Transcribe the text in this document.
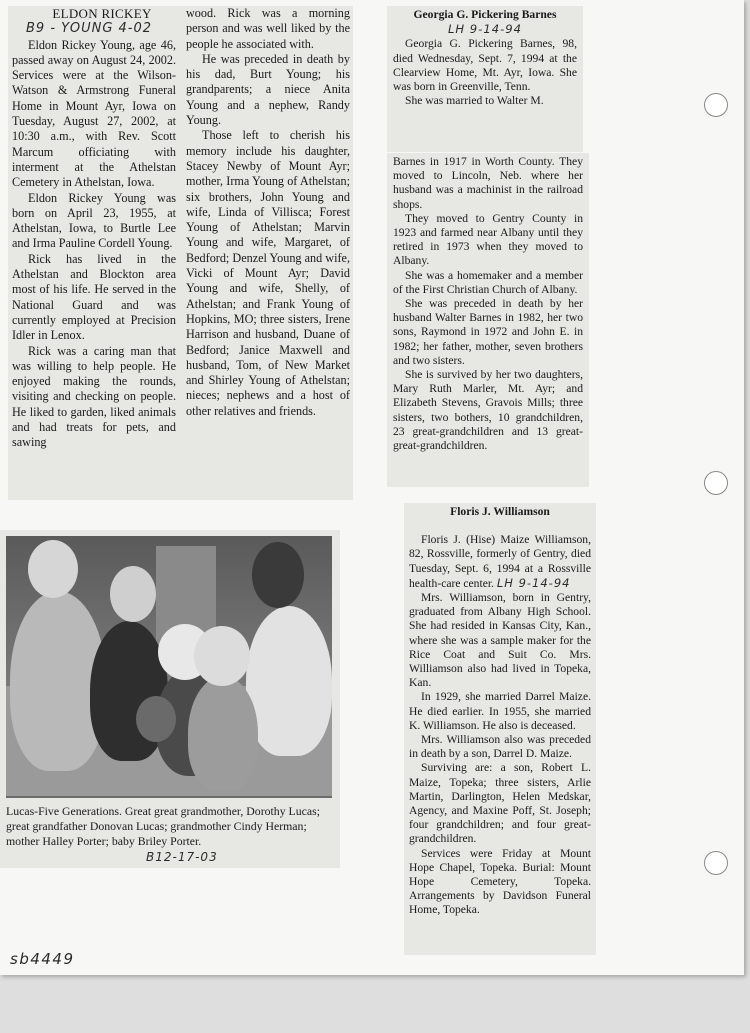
ELDON RICKEY

B9 - YOUNG 4-02

Eldon Rickey Young, age 46, passed away on August 24, 2002. Services were at the Wilson-Watson & Armstrong Funeral Home in Mount Ayr, Iowa on Tuesday, August 27, 2002, at 10:30 a.m., with Rev. Scott Marcum officiating with interment at the Athelstan Cemetery in Athelstan, Iowa.

Eldon Rickey Young was born on April 23, 1955, at Athelstan, Iowa, to Burtle Lee and Irma Pauline Cordell Young.

Rick has lived in the Athelstan and Blockton area most of his life. He served in the National Guard and was currently employed at Precision Idler in Lenox.

Rick was a caring man that was willing to help people. He enjoyed making the rounds, visiting and checking on people. He liked to garden, liked animals and had treats for pets, and sawing

wood. Rick was a morning person and was well liked by the people he associated with.

He was preceded in death by his dad, Burt Young; his grandparents; a niece Anita Young and a nephew, Randy Young.

Those left to cherish his memory include his daughter, Stacey Newby of Mount Ayr; mother, Irma Young of Athelstan; six brothers, John Young and wife, Linda of Villisca; Forest Young of Athelstan; Marvin Young and wife, Margaret, of Bedford; Denzel Young and wife, Vicki of Mount Ayr; David Young and wife, Shelly, of Athelstan; and Frank Young of Hopkins, MO; three sisters, Irene Harrison and husband, Duane of Bedford; Janice Maxwell and husband, Tom, of New Market and Shirley Young of Athelstan; nieces; nephews and a host of other relatives and friends.

Georgia G. Pickering Barnes

LH 9-14-94

Georgia G. Pickering Barnes, 98, died Wednesday, Sept. 7, 1994 at the Clearview Home, Mt. Ayr, Iowa. She was born in Greenville, Tenn.

She was married to Walter M.

Barnes in 1917 in Worth County. They moved to Lincoln, Neb. where her husband was a machinist in the railroad shops.

They moved to Gentry County in 1923 and farmed near Albany until they retired in 1973 when they moved to Albany.

She was a homemaker and a member of the First Christian Church of Albany.

She was preceded in death by her husband Walter Barnes in 1982, her two sons, Raymond in 1972 and John E. in 1982; her father, mother, seven brothers and two sisters.

She is survived by her two daughters, Mary Ruth Marler, Mt. Ayr; and Elizabeth Stevens, Gravois Mills; three sisters, two bothers, 10 grandchildren, 23 great-grandchildren and 13 great-great-grandchildren.

Lucas-Five Generations. Great great grandmother, Dorothy Lucas; great grandfather Donovan Lucas; grandmother Cindy Herman; mother Halley Porter; baby Briley Porter.

B12-17-03

Floris J. Williamson

Floris J. (Hise) Maize Williamson, 82, Rossville, formerly of Gentry, died Tuesday, Sept. 6, 1994 at a Rossville health-care center. LH 9-14-94

Mrs. Williamson, born in Gentry, graduated from Albany High School. She had resided in Kansas City, Kan., where she was a sample maker for the Rice Coat and Suit Co. Mrs. Williamson also had lived in Topeka, Kan.

In 1929, she married Darrel Maize. He died earlier. In 1955, she married K. Williamson. He also is deceased.

Mrs. Williamson also was preceded in death by a son, Darrel D. Maize.

Surviving are: a son, Robert L. Maize, Topeka; three sisters, Arlie Martin, Darlington, Helen Medskar, Agency, and Maxine Poff, St. Joseph; four grandchildren; and four great-grandchildren.

Services were Friday at Mount Hope Chapel, Topeka. Burial: Mount Hope Cemetery, Topeka. Arrangements by Davidson Funeral Home, Topeka.

sb4449
